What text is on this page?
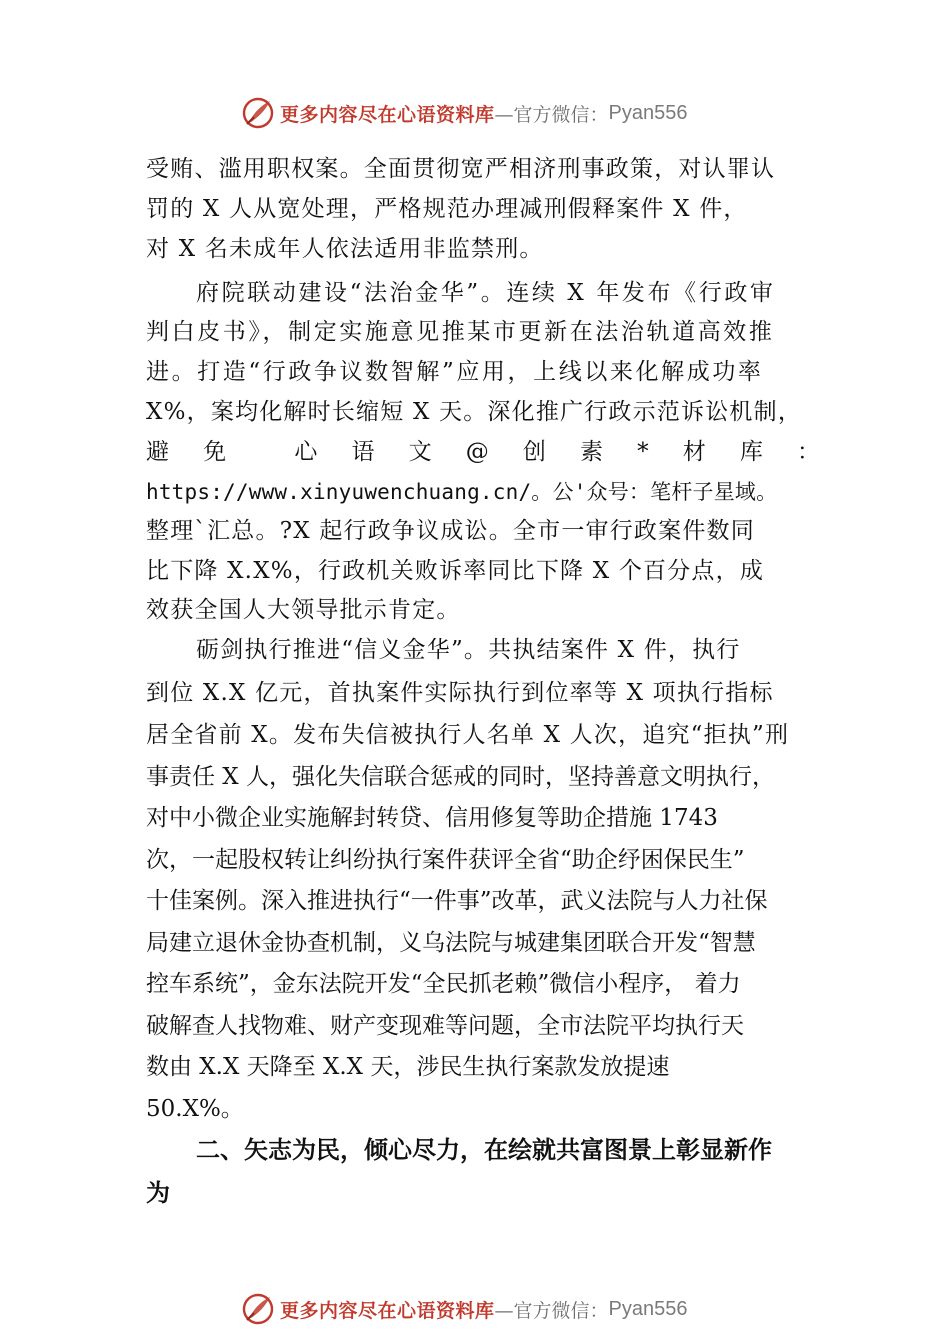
更多内容尽在心语资料库 —官方微信： Pyan556

受贿、滥用职权案。全面贯彻宽严相济刑事政策，对认罪认

罚的 X 人从宽处理，严格规范办理减刑假释案件 X 件，

对 X 名未成年人依法适用非监禁刑。

府院联动建设“法治金华”。连续 X 年发布《行政审

判白皮书》，制定实施意见推某市更新在法治轨道高效推

进。打造“行政争议数智解”应用，上线以来化解成功率

X%，案均化解时长缩短 X 天。深化推广行政示范诉讼机制，

避 免	心 语 文 @ 创 素 * 材 库 ：

https://www.xinyuwenchuang.cn/。公'众号：笔杆子星域。

整理`汇总。?X 起行政争议成讼。全市一审行政案件数同

比下降 X.X%，行政机关败诉率同比下降 X 个百分点，成

效获全国人大领导批示肯定。

砺剑执行推进“信义金华”。共执结案件 X 件，执行

到位 X.X 亿元，首执案件实际执行到位率等 X 项执行指标

居全省前 X。发布失信被执行人名单 X 人次，追究“拒执”刑

事责任 X 人，强化失信联合惩戒的同时，坚持善意文明执行，

对中小微企业实施解封转贷、信用修复等助企措施 1743

次，一起股权转让纠纷执行案件获评全省“助企纾困保民生”

十佳案例。深入推进执行“一件事”改革，武义法院与人力社保

局建立退休金协查机制，义乌法院与城建集团联合开发“智慧

控车系统”，金东法院开发“全民抓老赖”微信小程序， 着力

破解查人找物难、财产变现难等问题，全市法院平均执行天

数由 X.X 天降至 X.X 天，涉民生执行案款发放提速

50.X%。

二、矢志为民，倾心尽力，在绘就共富图景上彰显新作

为

更多内容尽在心语资料库 —官方微信： Pyan556
